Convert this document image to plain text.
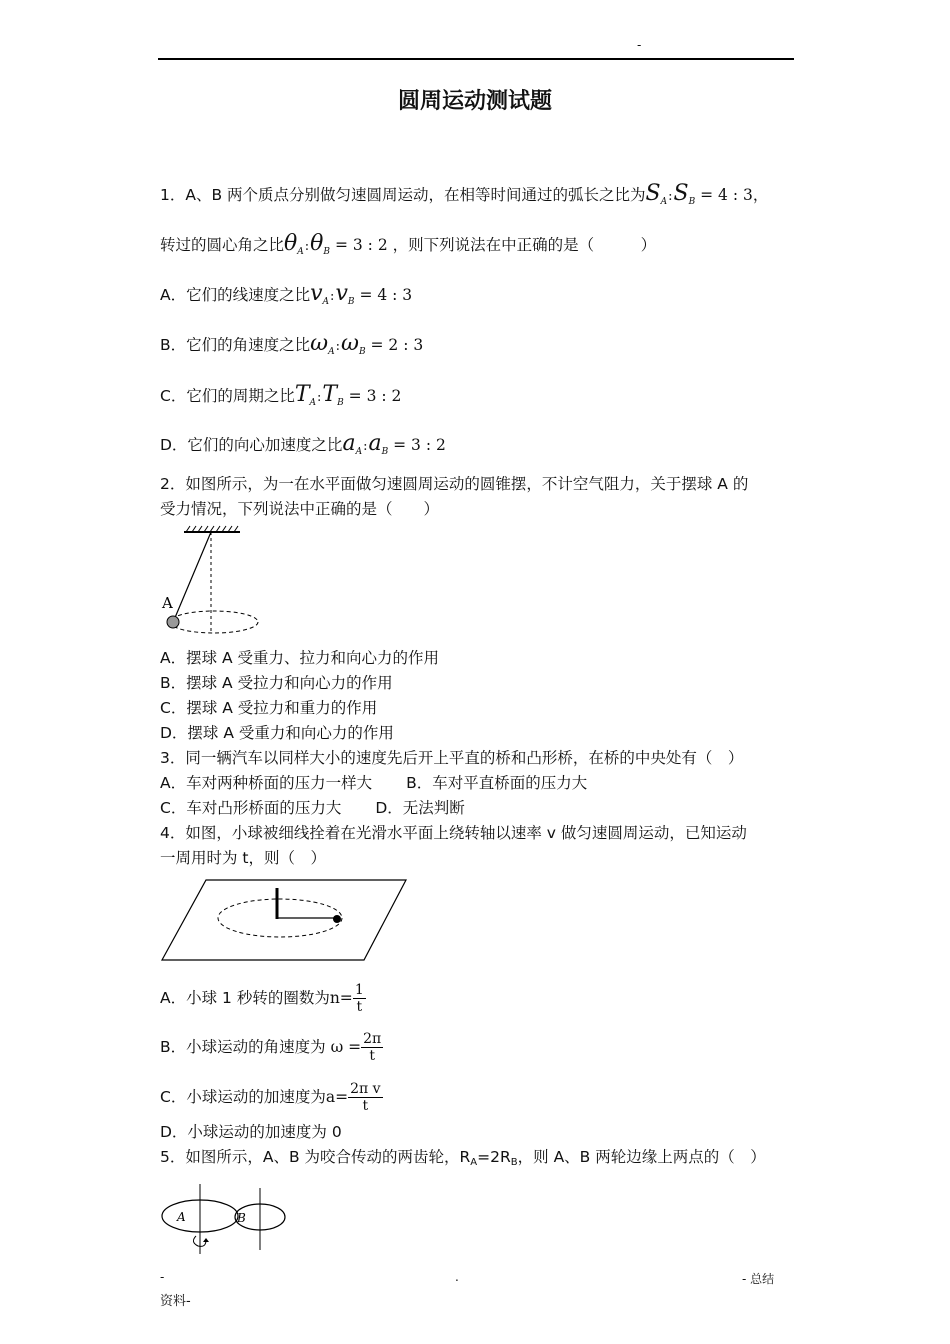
-
圆周运动测试题
1．A、B 两个质点分别做匀速圆周运动，在相等时间通过的弧长之比为$S_A:S_B = 4$ : 3，
转过的圆心角之比$\theta_A:\theta_B = 3$ : 2 ，则下列说法在中正确的是（　　　）
A．它们的线速度之比$v_A:v_B = 4$ : 3
B．它们的角速度之比$\omega_A:\omega_B = 2$ : 3
C．它们的周期之比$T_A:T_B = 3$ : 2
D．它们的向心加速度之比$a_A:a_B = 3$ : 2
2．如图所示，为一在水平面做匀速圆周运动的圆锥摆，不计空气阻力，关于摆球 A 的
受力情况，下列说法中正确的是（　　）
A
A．摆球 A 受重力、拉力和向心力的作用
B．摆球 A 受拉力和向心力的作用
C．摆球 A 受拉力和重力的作用
D．摆球 A 受重力和向心力的作用
3．同一辆汽车以同样大小的速度先后开上平直的桥和凸形桥，在桥的中央处有（　）
A．车对两种桥面的压力一样大 B．车对平直桥面的压力大
C．车对凸形桥面的压力大 D．无法判断
4．如图，小球被细线拴着在光滑水平面上绕转轴以速率 v 做匀速圆周运动，已知运动
一周用时为 t，则（　）
A．小球 1 秒转的圈数为$n= \frac{1}{t}$
B．小球运动的角速度为 $\omega = \frac{2\pi}{t}$
C．小球运动的加速度为$a= \frac{\text{2π v}}{t}$
D．小球运动的加速度为 0
5．如图所示，A、B 为咬合传动的两齿轮，RA=2RB，则 A、B 两轮边缘上两点的（　）
A	B
-	.	- 总结
资料-
